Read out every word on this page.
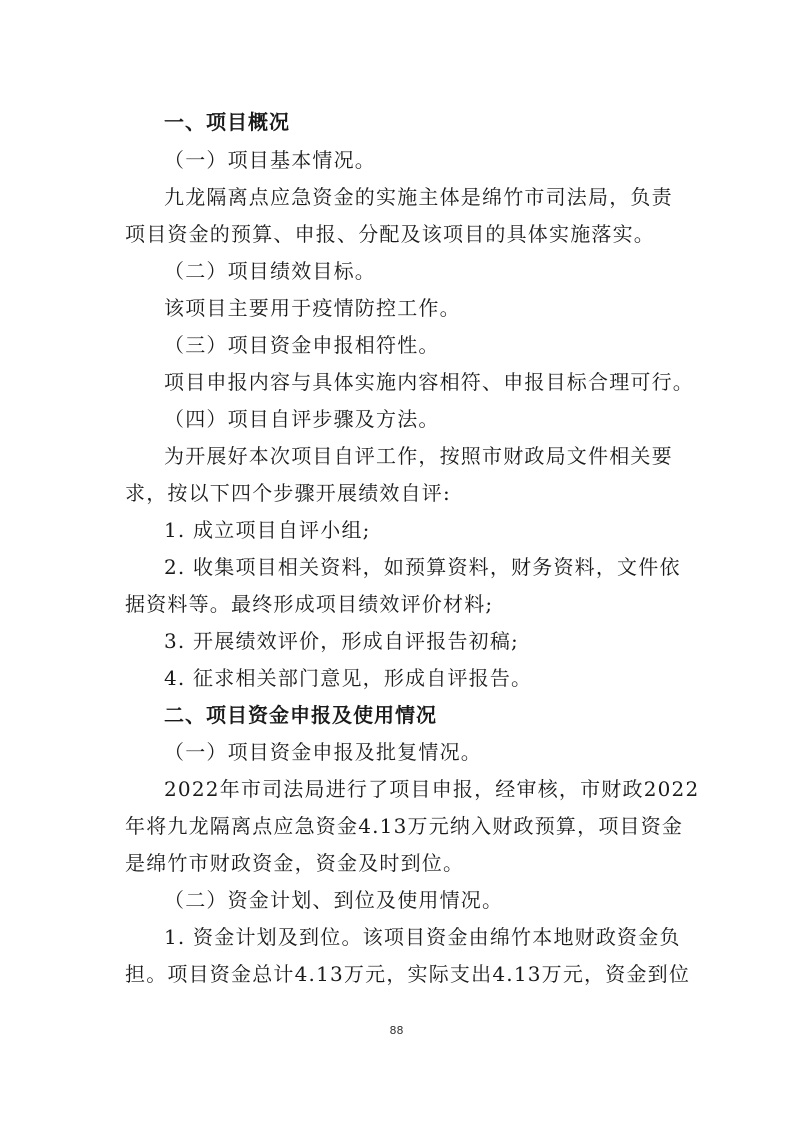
一、项目概况
（一）项目基本情况。
九龙隔离点应急资金的实施主体是绵竹市司法局，负责
项目资金的预算、申报、分配及该项目的具体实施落实。
（二）项目绩效目标。
该项目主要用于疫情防控工作。
（三）项目资金申报相符性。
项目申报内容与具体实施内容相符、申报目标合理可行。
（四）项目自评步骤及方法。
为开展好本次项目自评工作，按照市财政局文件相关要
求，按以下四个步骤开展绩效自评:
1. 成立项目自评小组;
2. 收集项目相关资料，如预算资料，财务资料，文件依
据资料等。最终形成项目绩效评价材料;
3. 开展绩效评价，形成自评报告初稿;
4. 征求相关部门意见，形成自评报告。
二、项目资金申报及使用情况
（一）项目资金申报及批复情况。
2022年市司法局进行了项目申报，经审核，市财政2022
年将九龙隔离点应急资金4.13万元纳入财政预算，项目资金
是绵竹市财政资金，资金及时到位。
（二）资金计划、到位及使用情况。
1. 资金计划及到位。该项目资金由绵竹本地财政资金负
担。项目资金总计4.13万元，实际支出4.13万元，资金到位
88
